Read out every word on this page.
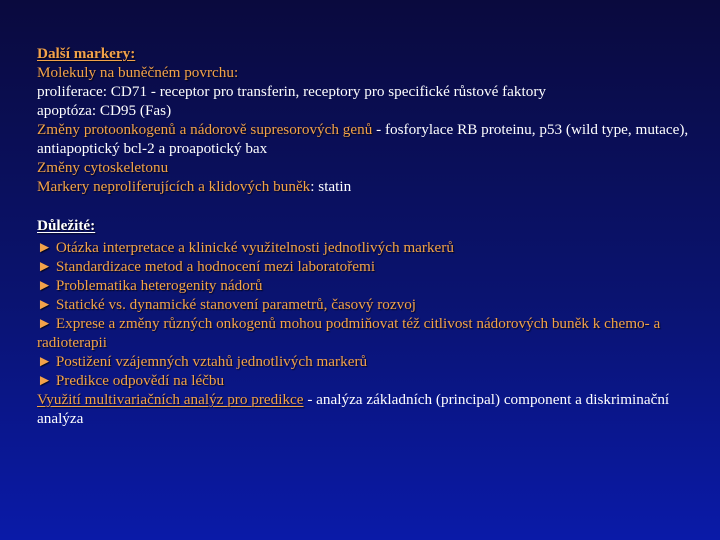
Další markery:

Molekuly na buněčném povrchu:

proliferace: CD71 - receptor pro transferin, receptory pro specifické růstové faktory

apoptóza: CD95 (Fas)

Změny protoonkogenů a nádorově supresorových genů - fosforylace RB proteinu, p53 (wild type, mutace), antiapoptický bcl-2 a proapotický bax

Změny cytoskeletonu

Markery neproliferujících a klidových buněk: statin

Důležité:

► Otázka interpretace a klinické využitelnosti jednotlivých markerů

► Standardizace metod a hodnocení mezi laboratořemi

► Problematika heterogenity nádorů

► Statické vs. dynamické stanovení parametrů, časový rozvoj

► Exprese a změny různých onkogenů mohou podmiňovat též citlivost nádorových buněk k chemo- a radioterapii

► Postižení vzájemných vztahů jednotlivých markerů

► Predikce odpovědí na léčbu

Využití multivariačních analýz pro predikce - analýza základních (principal) component a diskriminační analýza
